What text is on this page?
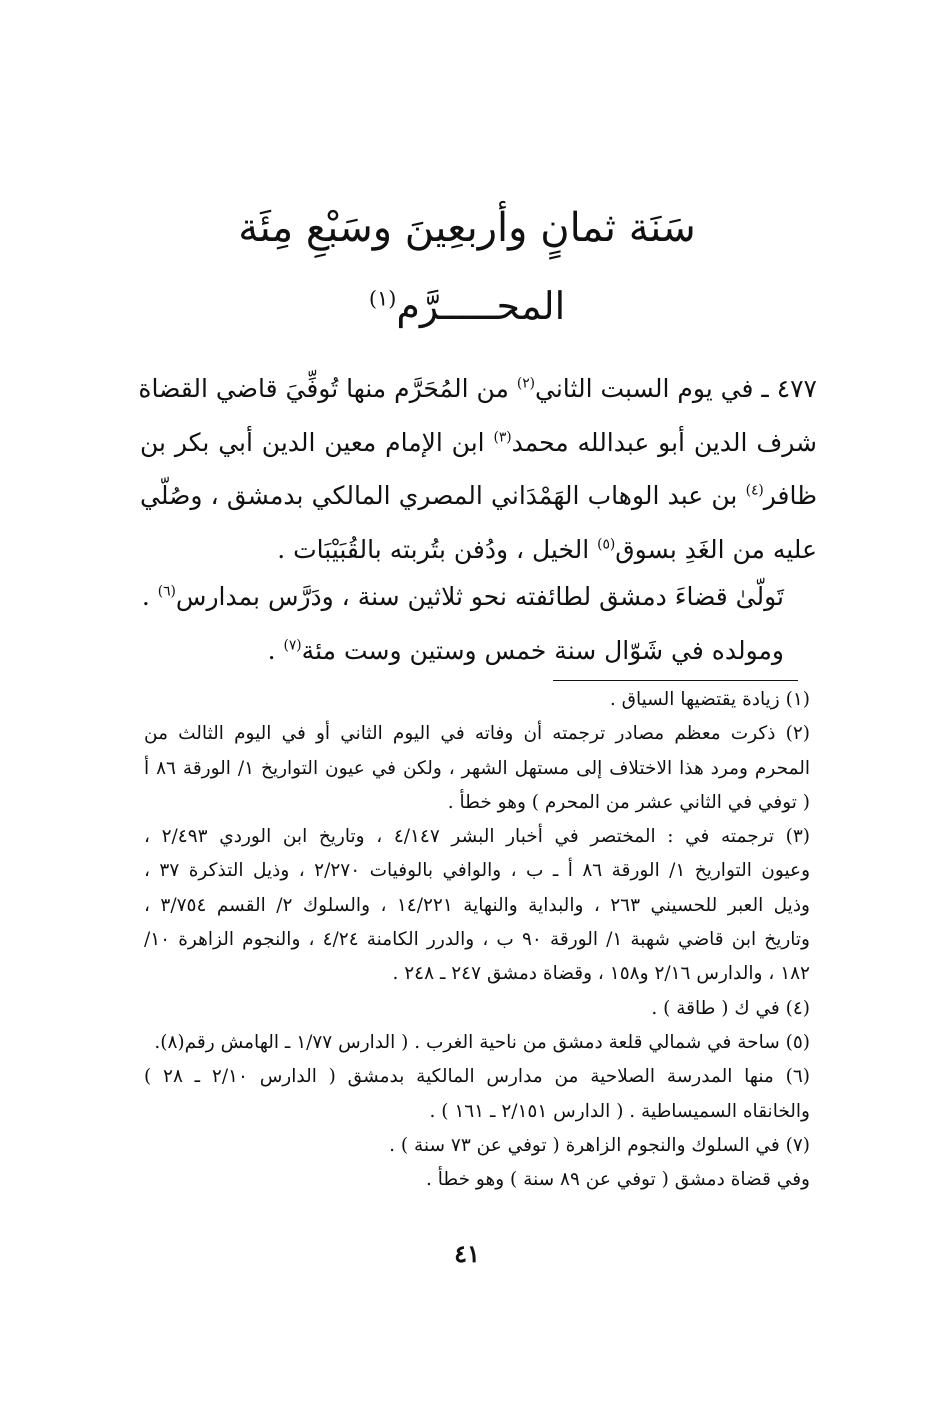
سَنَة ثمانٍ وأربعِينَ وسَبْعِ مِئَة
المحـــــرَّم$^{(١)}$
٤٧٧ ـ في يوم السبت الثاني$^{(٢)}$ من المُحَرَّم منها تُوفِّيَ قاضي القضاة
شرف الدين أبو عبدالله محمد$^{(٣)}$ ابن الإمام معين الدين أبي بكر بن
ظافر$^{(٤)}$ بن عبد الوهاب الهَمْدَاني المصري المالكي بدمشق ، وصُلّي
عليه من الغَدِ بسوق$^{(٥)}$ الخيل ، ودُفن بتُربته بالقُبَيْبَات .

تَولّىٰ قضاءَ دمشق لطائفته نحو ثلاثين سنة ، ودَرَّس بمدارس$^{(٦)}$ .

ومولده في شَوّال سنة خمس وستين وست مئة$^{(٧)}$ .

(١) زيادة يقتضيها السياق .
(٢) ذكرت معظم مصادر ترجمته أن وفاته في اليوم الثاني أو في اليوم الثالث من
المحرم ومرد هذا الاختلاف إلى مستهل الشهر ، ولكن في عيون التواريخ ١/ الورقة ٨٦ أ
( توفي في الثاني عشر من المحرم ) وهو خطأ .
(٣) ترجمته في : المختصر في أخبار البشر ٤/١٤٧ ، وتاريخ ابن الوردي ٢/٤٩٣ ،
وعيون التواريخ ١/ الورقة ٨٦ أ ـ ب ، والوافي بالوفيات ٢/٢٧٠ ، وذيل التذكرة ٣٧ ،
وذيل العبر للحسيني ٢٦٣ ، والبداية والنهاية ١٤/٢٢١ ، والسلوك ٢/ القسم ٣/٧٥٤ ،
وتاريخ ابن قاضي شهبة ١/ الورقة ٩٠ ب ، والدرر الكامنة ٤/٢٤ ، والنجوم الزاهرة ١٠/
١٨٢ ، والدارس ٢/١٦ و١٥٨ ، وقضاة دمشق ٢٤٧ ـ ٢٤٨ .
(٤) في ك ( طاقة ) .
(٥) ساحة في شمالي قلعة دمشق من ناحية الغرب . ( الدارس ١/٧٧ ـ الهامش رقم(٨).
(٦) منها المدرسة الصلاحية من مدارس المالكية بدمشق ( الدارس ٢/١٠ ـ ٢٨ )
والخانقاه السميساطية . ( الدارس ٢/١٥١ ـ ١٦١ ) .
(٧) في السلوك والنجوم الزاهرة ( توفي عن ٧٣ سنة ) .
وفي قضاة دمشق ( توفي عن ٨٩ سنة ) وهو خطأ .
٤١
